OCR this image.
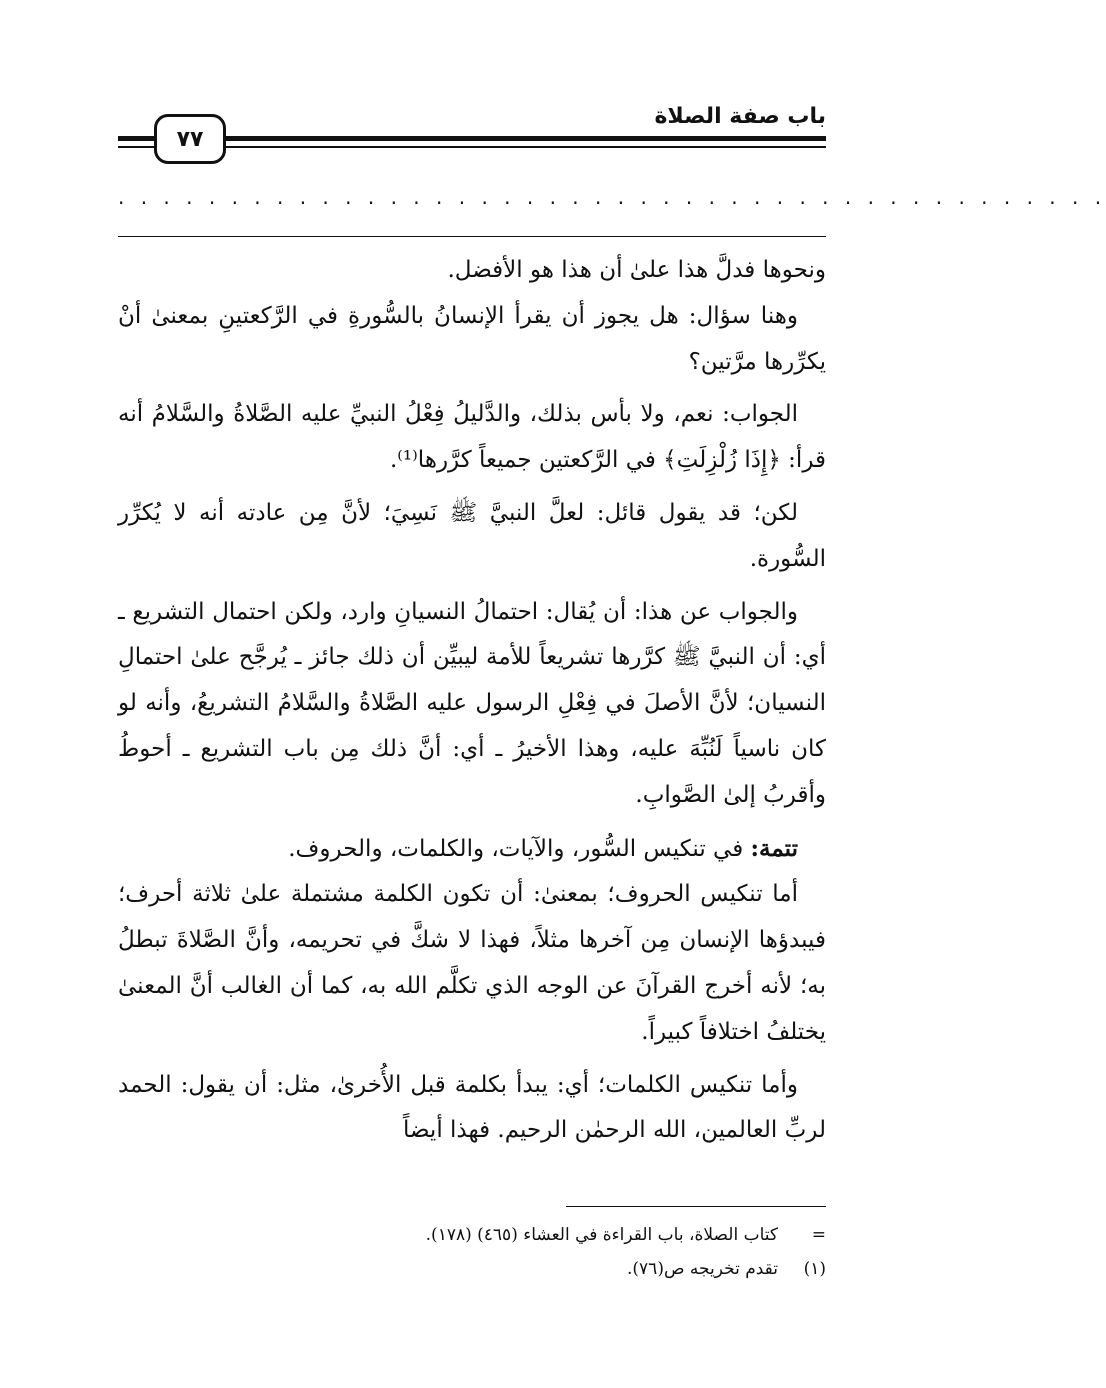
٧٧
باب صفة الصلاة
. . . . . . . . . . . . . . . . . . . . . . . . . . . . . . . . . . . . . . . . . . . .

ونحوها فدلَّ هذا علىٰ أن هذا هو الأفضل.

وهنا سؤال: هل يجوز أن يقرأ الإنسانُ بالسُّورةِ في الرَّكعتينِ بمعنىٰ أنْ يكرِّرها مرَّتين؟

الجواب: نعم، ولا بأس بذلك، والدَّليلُ فِعْلُ النبيِّ عليه الصَّلاةُ والسَّلامُ أنه قرأ: ﴿إِذَا زُلْزِلَتِ﴾ في الرَّكعتين جميعاً كرَّرها⁽¹⁾.

لكن؛ قد يقول قائل: لعلَّ النبيَّ ﷺ نَسِيَ؛ لأنَّ مِن عادته أنه لا يُكرِّر السُّورة.

والجواب عن هذا: أن يُقال: احتمالُ النسيانِ وارد، ولكن احتمال التشريع ـ أي: أن النبيَّ ﷺ كرَّرها تشريعاً للأمة ليبيِّن أن ذلك جائز ـ يُرجَّح علىٰ احتمالِ النسيان؛ لأنَّ الأصلَ في فِعْلِ الرسول عليه الصَّلاةُ والسَّلامُ التشريعُ، وأنه لو كان ناسياً لَنُبِّهَ عليه، وهذا الأخيرُ ـ أي: أنَّ ذلك مِن باب التشريع ـ أحوطُ وأقربُ إلىٰ الصَّوابِ.

تتمة: في تنكيس السُّور، والآيات، والكلمات، والحروف.

أما تنكيس الحروف؛ بمعنىٰ: أن تكون الكلمة مشتملة علىٰ ثلاثة أحرف؛ فيبدؤها الإنسان مِن آخرها مثلاً، فهذا لا شكَّ في تحريمه، وأنَّ الصَّلاةَ تبطلُ به؛ لأنه أخرج القرآنَ عن الوجه الذي تكلَّم الله به، كما أن الغالب أنَّ المعنىٰ يختلفُ اختلافاً كبيراً.

وأما تنكيس الكلمات؛ أي: يبدأ بكلمة قبل الأُخرىٰ، مثل: أن يقول: الحمد لربِّ العالمين، الله الرحمٰن الرحيم. فهذا أيضاً

=
كتاب الصلاة، باب القراءة في العشاء (٤٦٥) (١٧٨).
(١)
تقدم تخريجه ص(٧٦).
